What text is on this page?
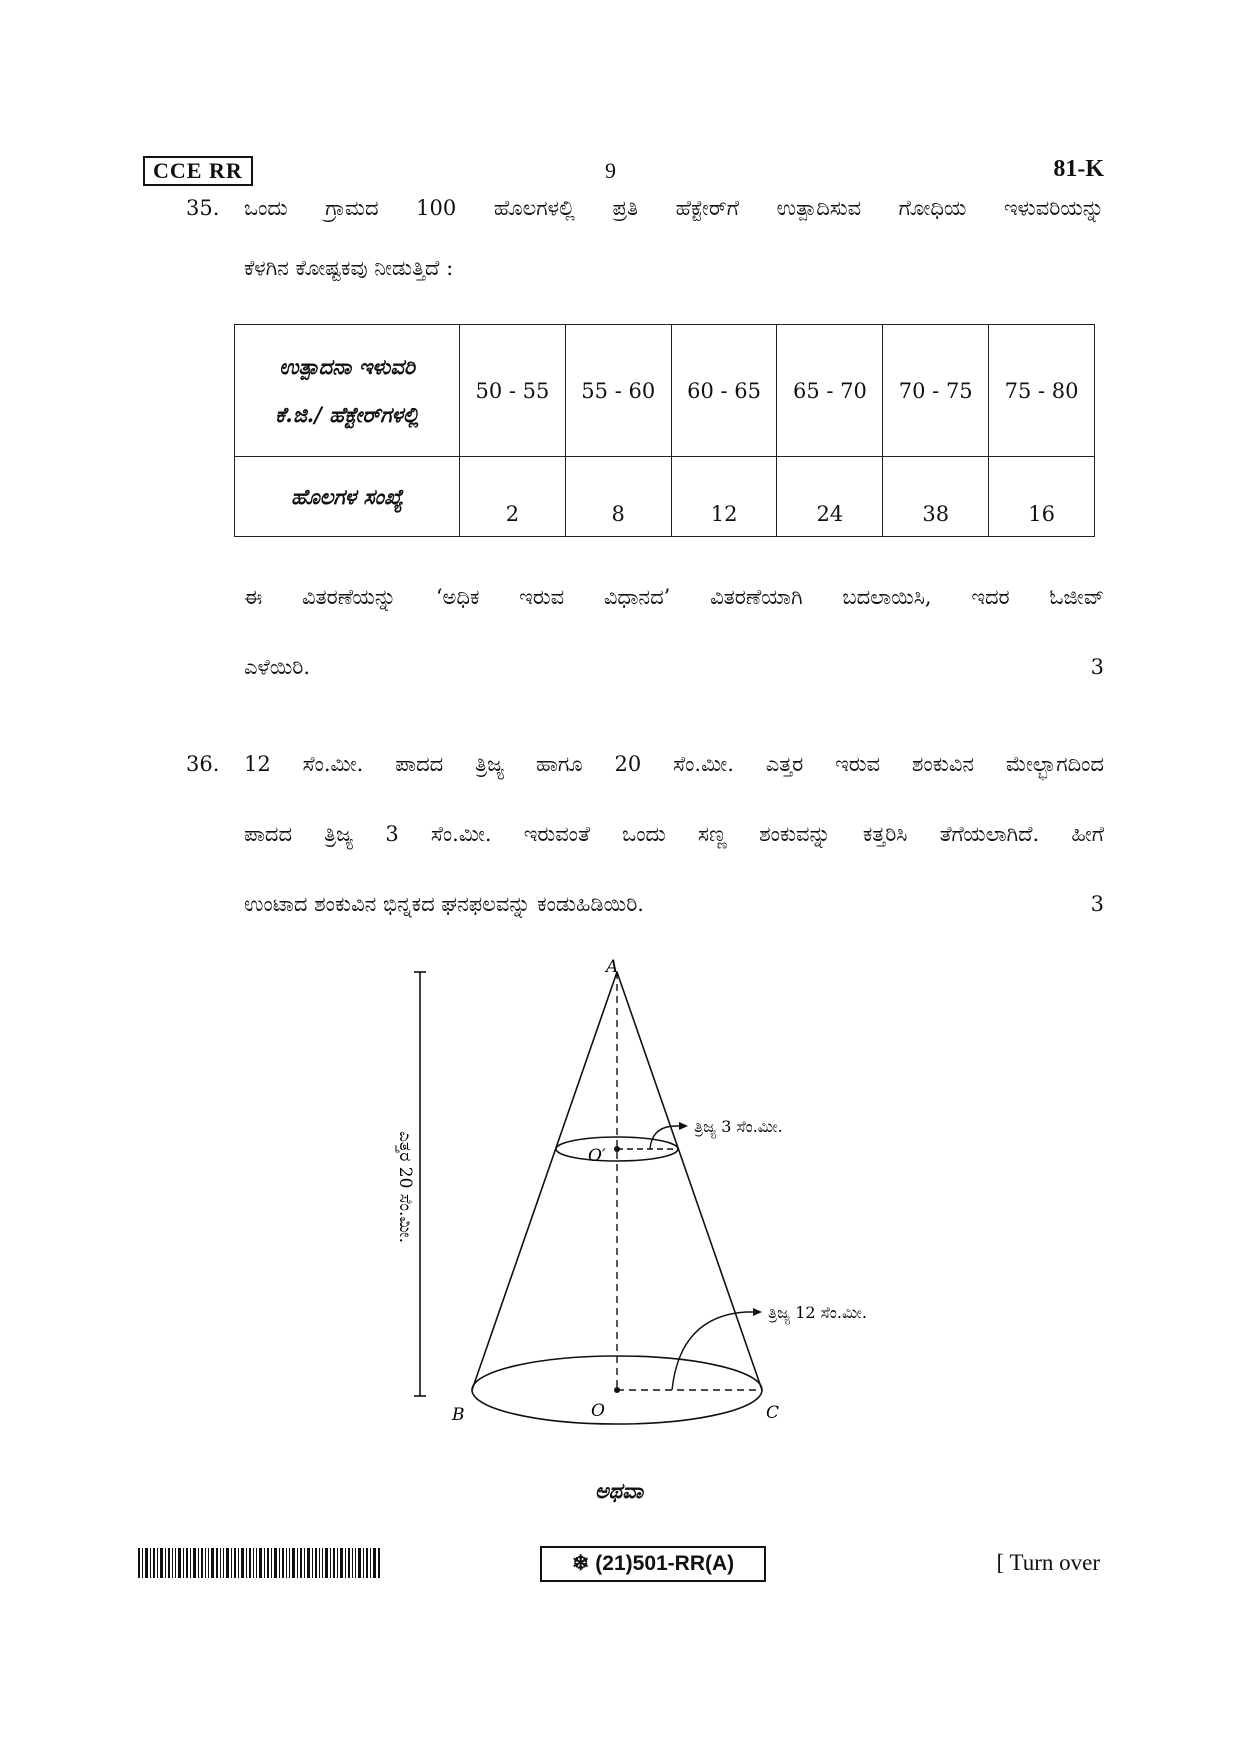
CCE RR	9	81-K
35. ಒಂದು ಗ್ರಾಮದ 100 ಹೊಲಗಳಲ್ಲಿ ಪ್ರತಿ ಹೆಕ್ಟೇರ್‌ಗೆ ಉತ್ಪಾದಿಸುವ ಗೋಧಿಯ ಇಳುವರಿಯನ್ನು
ಕೆಳಗಿನ ಕೋಷ್ಟಕವು ನೀಡುತ್ತಿದೆ :
ಉತ್ಪಾದನಾ ಇಳುವರಿ
ಕೆ.ಜಿ./ ಹೆಕ್ಟೇರ್‌ಗಳಲ್ಲಿ	50 - 55	55 - 60	60 - 65	65 - 70	70 - 75	75 - 80
ಹೊಲಗಳ ಸಂಖ್ಯೆ	2	8	12	24	38	16
ಈ ವಿತರಣೆಯನ್ನು ‘ಅಧಿಕ ಇರುವ ವಿಧಾನದ’ ವಿತರಣೆಯಾಗಿ ಬದಲಾಯಿಸಿ, ಇದರ ಓಜೀವ್
ಎಳೆಯಿರಿ.	3
36. 12 ಸೆಂ.ಮೀ. ಪಾದದ ತ್ರಿಜ್ಯ ಹಾಗೂ 20 ಸೆಂ.ಮೀ. ಎತ್ತರ ಇರುವ ಶಂಕುವಿನ ಮೇಲ್ಭಾಗದಿಂದ
ಪಾದದ ತ್ರಿಜ್ಯ 3 ಸೆಂ.ಮೀ. ಇರುವಂತೆ ಒಂದು ಸಣ್ಣ ಶಂಕುವನ್ನು ಕತ್ತರಿಸಿ ತೆಗೆಯಲಾಗಿದೆ. ಹೀಗೆ
ಉಂಟಾದ ಶಂಕುವಿನ ಭಿನ್ನಕದ ಘನಫಲವನ್ನು ಕಂಡುಹಿಡಿಯಿರಿ.	3
ಎತ್ತರ 20 ಸೆಂ.ಮೀ.
ತ್ರಿಜ್ಯ 3 ಸೆಂ.ಮೀ.
ತ್ರಿಜ್ಯ 12 ಸೆಂ.ಮೀ.
A
B	C
O
O′
ಅಥವಾ
❄ (21)501-RR(A)	[ Turn over
